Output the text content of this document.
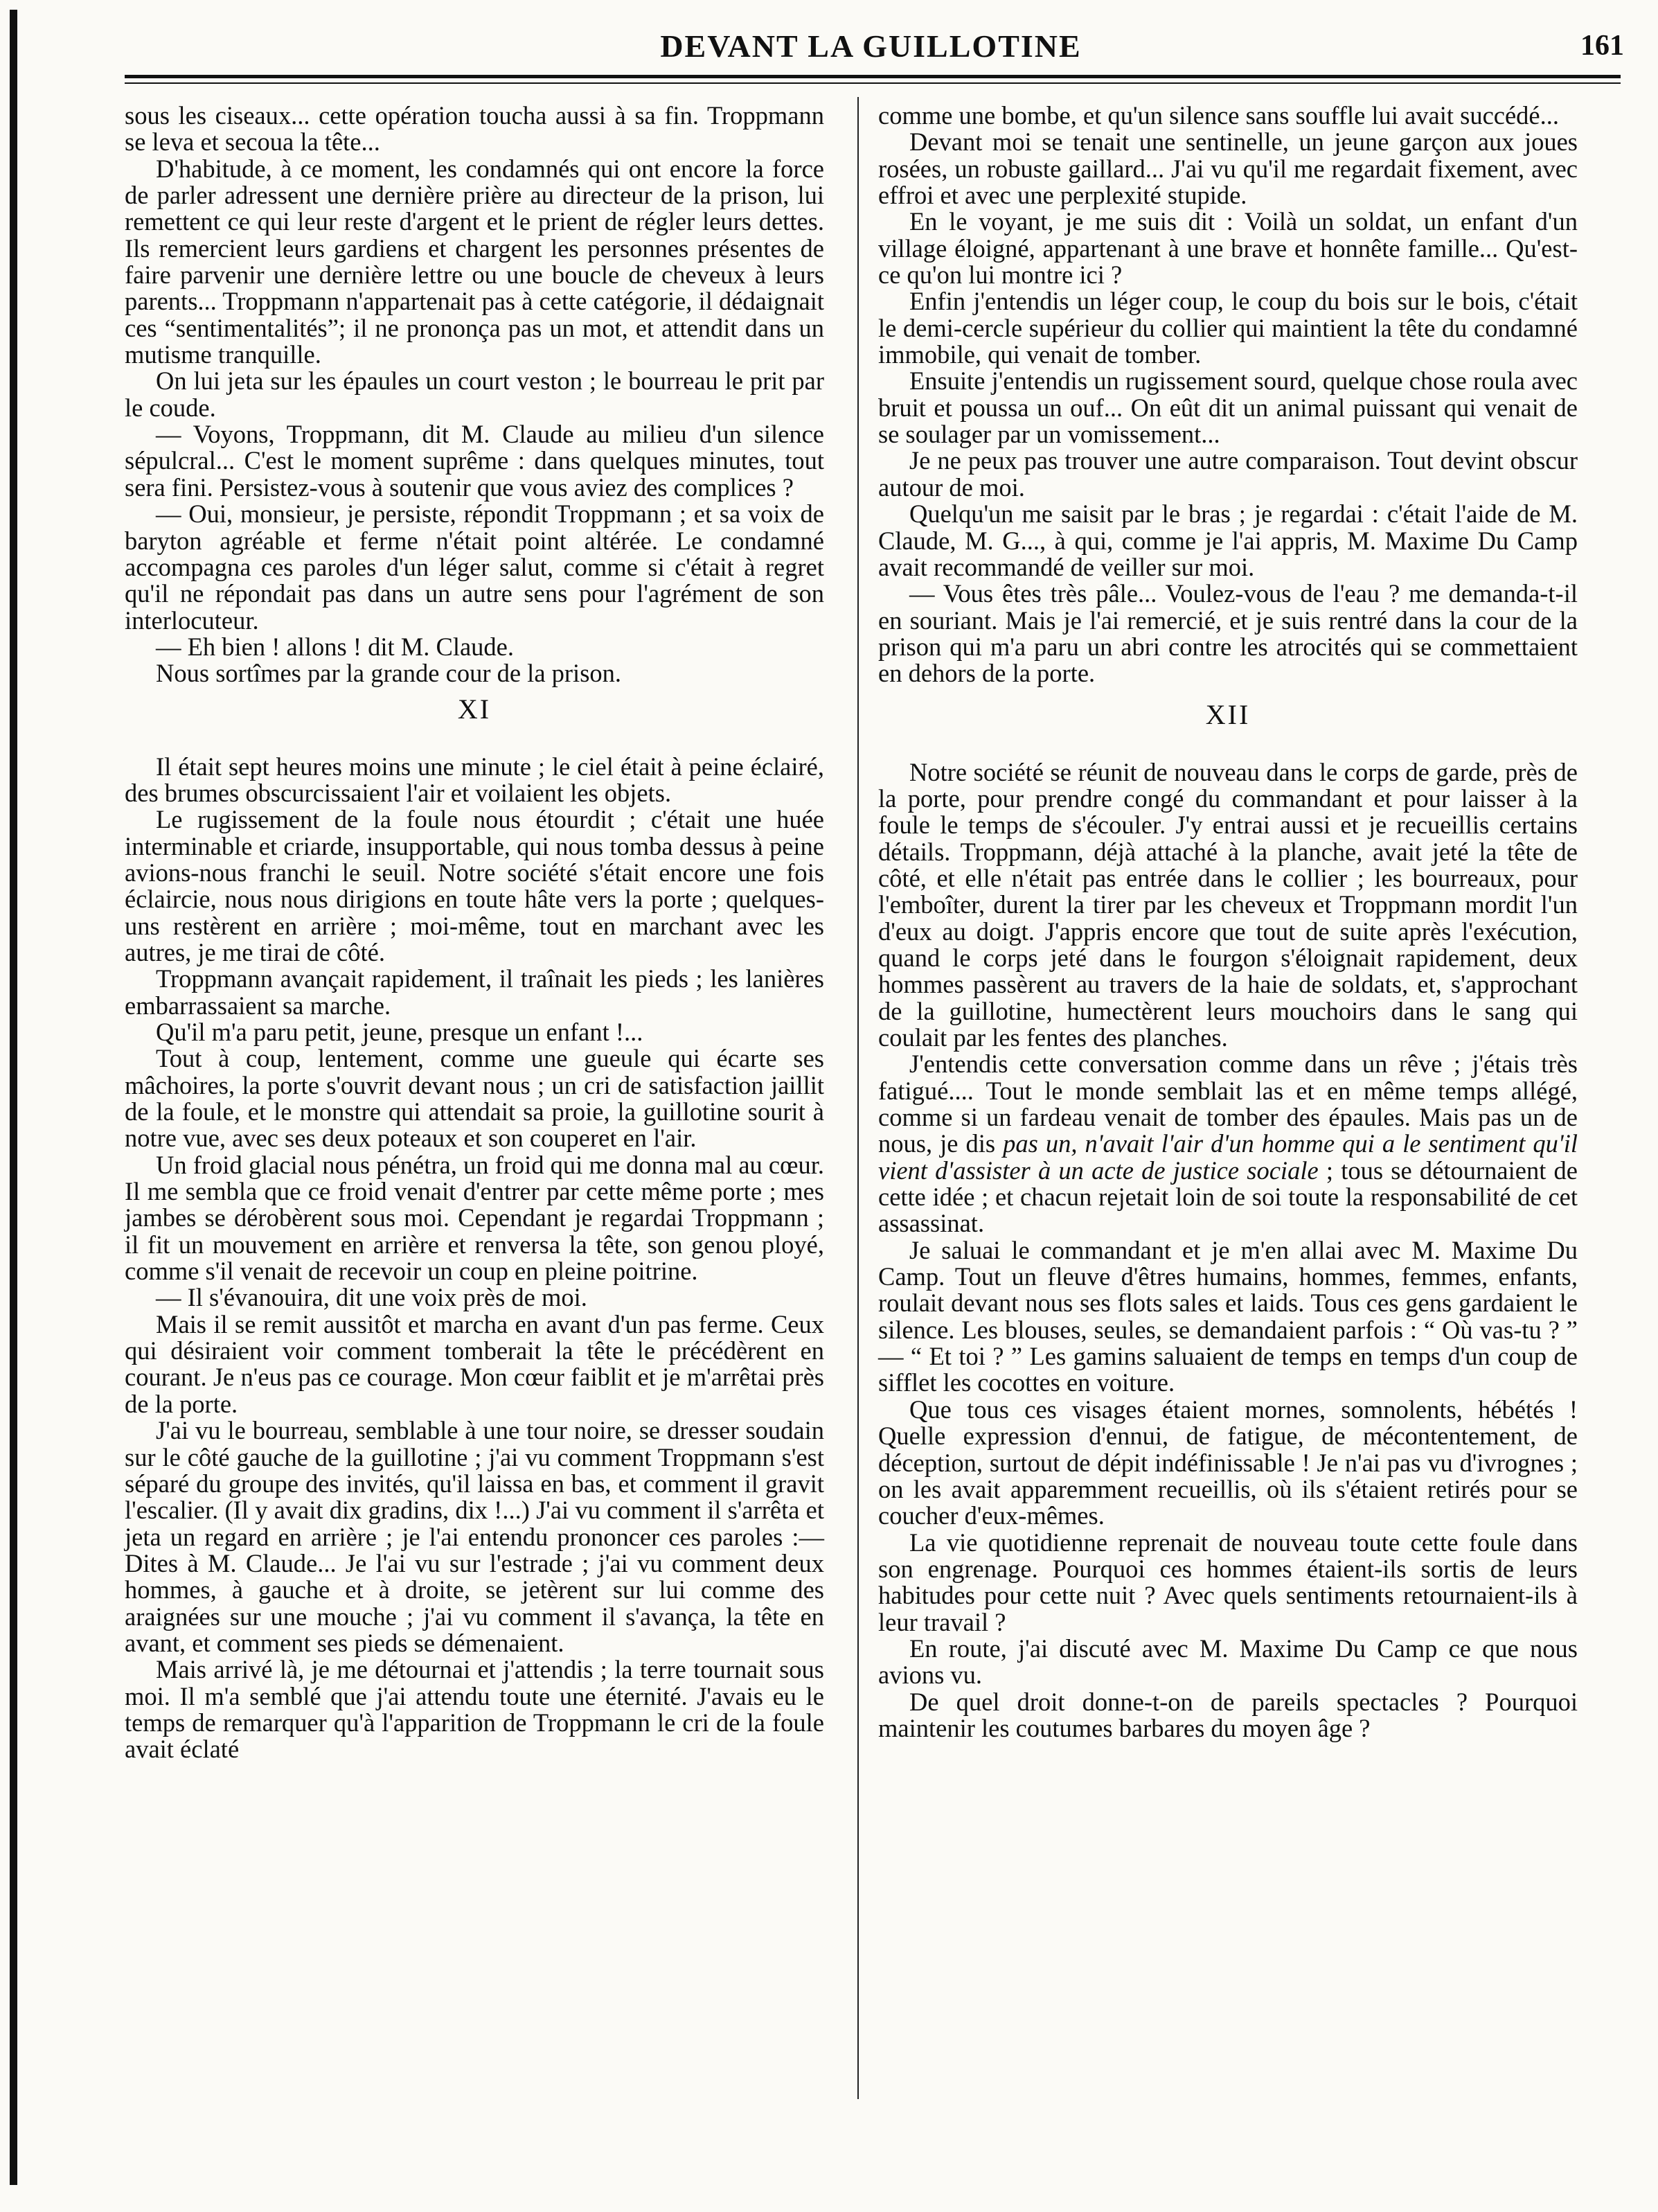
DEVANT LA GUILLOTINE	161

sous les ciseaux... cette opération toucha aussi à sa fin. Troppmann se leva et secoua la tête...

D'habitude, à ce moment, les condamnés qui ont encore la force de parler adressent une dernière prière au directeur de la prison, lui remettent ce qui leur reste d'argent et le prient de régler leurs dettes. Ils remercient leurs gardiens et chargent les personnes présentes de faire parvenir une dernière lettre ou une boucle de cheveux à leurs parents... Troppmann n'appartenait pas à cette catégorie, il dédaignait ces “sentimentalités”; il ne prononça pas un mot, et attendit dans un mutisme tranquille.

On lui jeta sur les épaules un court veston ; le bourreau le prit par le coude.

— Voyons, Troppmann, dit M. Claude au milieu d'un silence sépulcral... C'est le moment suprême : dans quelques minutes, tout sera fini. Persistez-vous à soutenir que vous aviez des complices ?

— Oui, monsieur, je persiste, répondit Troppmann ; et sa voix de baryton agréable et ferme n'était point altérée. Le condamné accompagna ces paroles d'un léger salut, comme si c'était à regret qu'il ne répondait pas dans un autre sens pour l'agrément de son interlocuteur.

— Eh bien ! allons ! dit M. Claude.

Nous sortîmes par la grande cour de la prison.

XI

Il était sept heures moins une minute ; le ciel était à peine éclairé, des brumes obscurcissaient l'air et voilaient les objets.

Le rugissement de la foule nous étourdit ; c'était une huée interminable et criarde, insupportable, qui nous tomba dessus à peine avions-nous franchi le seuil. Notre société s'était encore une fois éclaircie, nous nous dirigions en toute hâte vers la porte ; quelques-uns restèrent en arrière ; moi-même, tout en marchant avec les autres, je me tirai de côté.

Troppmann avançait rapidement, il traînait les pieds ; les lanières embarrassaient sa marche.

Qu'il m'a paru petit, jeune, presque un enfant !...

Tout à coup, lentement, comme une gueule qui écarte ses mâchoires, la porte s'ouvrit devant nous ; un cri de satisfaction jaillit de la foule, et le monstre qui attendait sa proie, la guillotine sourit à notre vue, avec ses deux poteaux et son couperet en l'air.

Un froid glacial nous pénétra, un froid qui me donna mal au cœur. Il me sembla que ce froid venait d'entrer par cette même porte ; mes jambes se dérobèrent sous moi. Cependant je regardai Troppmann ; il fit un mouvement en arrière et renversa la tête, son genou ployé, comme s'il venait de recevoir un coup en pleine poitrine.

— Il s'évanouira, dit une voix près de moi.

Mais il se remit aussitôt et marcha en avant d'un pas ferme. Ceux qui désiraient voir comment tomberait la tête le précédèrent en courant. Je n'eus pas ce courage. Mon cœur faiblit et je m'arrêtai près de la porte.

J'ai vu le bourreau, semblable à une tour noire, se dresser soudain sur le côté gauche de la guillotine ; j'ai vu comment Troppmann s'est séparé du groupe des invités, qu'il laissa en bas, et comment il gravit l'escalier. (Il y avait dix gradins, dix !...) J'ai vu comment il s'arrêta et jeta un regard en arrière ; je l'ai entendu prononcer ces paroles :— Dites à M. Claude... Je l'ai vu sur l'estrade ; j'ai vu comment deux hommes, à gauche et à droite, se jetèrent sur lui comme des araignées sur une mouche ; j'ai vu comment il s'avança, la tête en avant, et comment ses pieds se démenaient.

Mais arrivé là, je me détournai et j'attendis ; la terre tournait sous moi. Il m'a semblé que j'ai attendu toute une éternité. J'avais eu le temps de remarquer qu'à l'apparition de Troppmann le cri de la foule avait éclaté

comme une bombe, et qu'un silence sans souffle lui avait succédé...

Devant moi se tenait une sentinelle, un jeune garçon aux joues rosées, un robuste gaillard... J'ai vu qu'il me regardait fixement, avec effroi et avec une perplexité stupide.

En le voyant, je me suis dit : Voilà un soldat, un enfant d'un village éloigné, appartenant à une brave et honnête famille... Qu'est-ce qu'on lui montre ici ?

Enfin j'entendis un léger coup, le coup du bois sur le bois, c'était le demi-cercle supérieur du collier qui maintient la tête du condamné immobile, qui venait de tomber.

Ensuite j'entendis un rugissement sourd, quelque chose roula avec bruit et poussa un ouf... On eût dit un animal puissant qui venait de se soulager par un vomissement...

Je ne peux pas trouver une autre comparaison. Tout devint obscur autour de moi.

Quelqu'un me saisit par le bras ; je regardai : c'était l'aide de M. Claude, M. G..., à qui, comme je l'ai appris, M. Maxime Du Camp avait recommandé de veiller sur moi.

— Vous êtes très pâle... Voulez-vous de l'eau ? me demanda-t-il en souriant. Mais je l'ai remercié, et je suis rentré dans la cour de la prison qui m'a paru un abri contre les atrocités qui se commettaient en dehors de la porte.

XII

Notre société se réunit de nouveau dans le corps de garde, près de la porte, pour prendre congé du commandant et pour laisser à la foule le temps de s'écouler. J'y entrai aussi et je recueillis certains détails. Troppmann, déjà attaché à la planche, avait jeté la tête de côté, et elle n'était pas entrée dans le collier ; les bourreaux, pour l'emboîter, durent la tirer par les cheveux et Troppmann mordit l'un d'eux au doigt. J'appris encore que tout de suite après l'exécution, quand le corps jeté dans le fourgon s'éloignait rapidement, deux hommes passèrent au travers de la haie de soldats, et, s'approchant de la guillotine, humectèrent leurs mouchoirs dans le sang qui coulait par les fentes des planches.

J'entendis cette conversation comme dans un rêve ; j'étais très fatigué.... Tout le monde semblait las et en même temps allégé, comme si un fardeau venait de tomber des épaules. Mais pas un de nous, je dis pas un, n'avait l'air d'un homme qui a le sentiment qu'il vient d'assister à un acte de justice sociale ; tous se détournaient de cette idée ; et chacun rejetait loin de soi toute la responsabilité de cet assassinat.

Je saluai le commandant et je m'en allai avec M. Maxime Du Camp. Tout un fleuve d'êtres humains, hommes, femmes, enfants, roulait devant nous ses flots sales et laids. Tous ces gens gardaient le silence. Les blouses, seules, se demandaient parfois : “ Où vas-tu ? ” — “ Et toi ? ” Les gamins saluaient de temps en temps d'un coup de sifflet les cocottes en voiture.

Que tous ces visages étaient mornes, somnolents, hébétés ! Quelle expression d'ennui, de fatigue, de mécontentement, de déception, surtout de dépit indéfinissable ! Je n'ai pas vu d'ivrognes ; on les avait apparemment recueillis, où ils s'étaient retirés pour se coucher d'eux-mêmes.

La vie quotidienne reprenait de nouveau toute cette foule dans son engrenage. Pourquoi ces hommes étaient-ils sortis de leurs habitudes pour cette nuit ? Avec quels sentiments retournaient-ils à leur travail ?

En route, j'ai discuté avec M. Maxime Du Camp ce que nous avions vu.

De quel droit donne-t-on de pareils spectacles ? Pourquoi maintenir les coutumes barbares du moyen âge ?
